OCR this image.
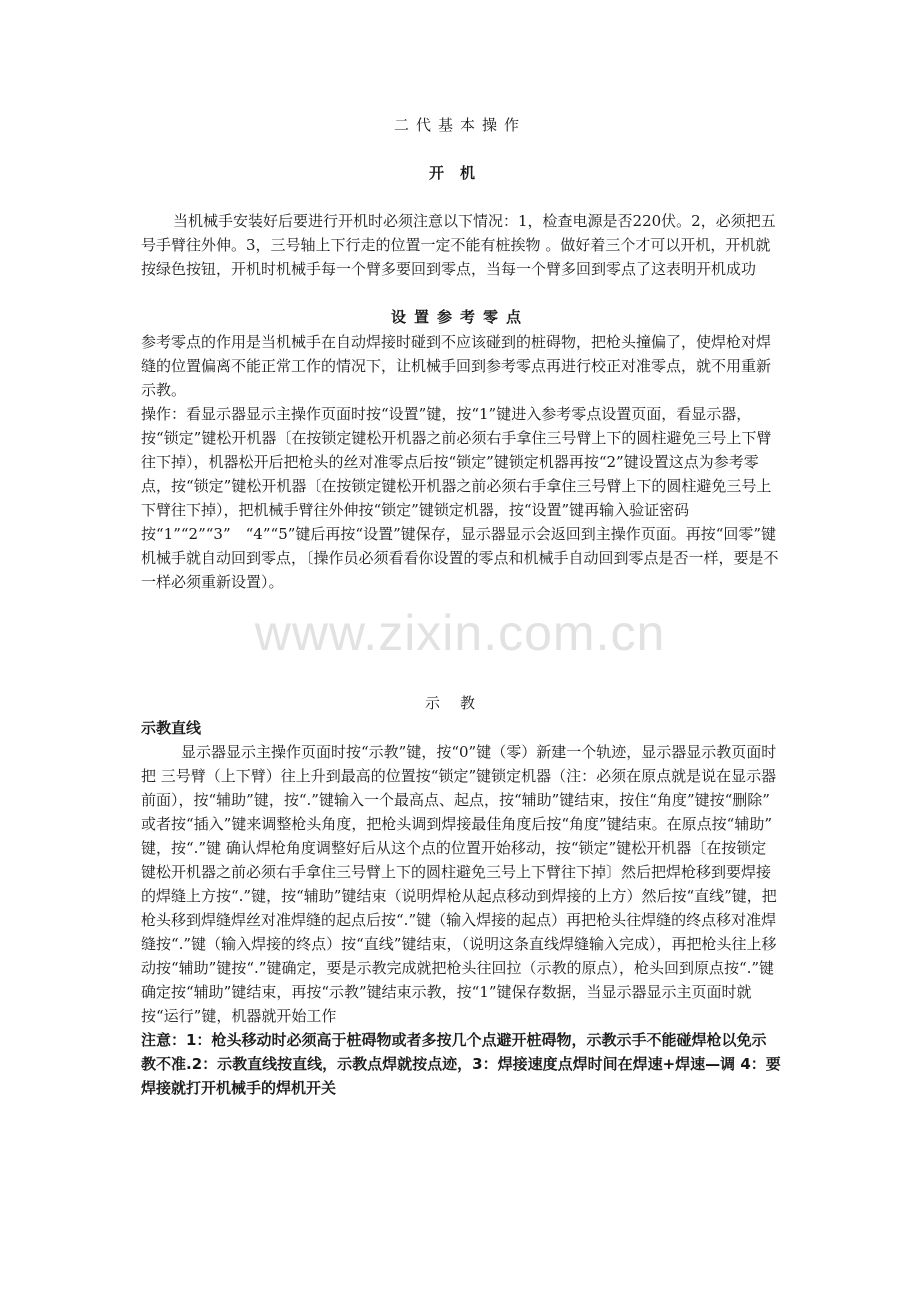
二代基本操作
开机

当机械手安装好后要进行开机时必须注意以下情况：1，检查电源是否220伏。2，必须把五号手臂往外伸。3，三号轴上下行走的位置一定不能有桩挨物 。做好着三个才可以开机，开机就按绿色按钮，开机时机械手每一个臂多要回到零点，当每一个臂多回到零点了这表明开机成功

设置参考零点

参考零点的作用是当机械手在自动焊接时碰到不应该碰到的桩碍物，把枪头撞偏了，使焊枪对焊缝的位置偏离不能正常工作的情况下，让机械手回到参考零点再进行校正对准零点，就不用重新示教。

操作：看显示器显示主操作页面时按“设置”键，按“1”键进入参考零点设置页面，看显示器，按“锁定”键松开机器〔在按锁定键松开机器之前必须右手拿住三号臂上下的圆柱避免三号上下臂往下掉），机器松开后把枪头的丝对准零点后按“锁定”键锁定机器再按“2”键设置这点为参考零点，按“锁定”键松开机器〔在按锁定键松开机器之前必须右手拿住三号臂上下的圆柱避免三号上下臂往下掉），把机械手臂往外伸按“锁定”键锁定机器，按“设置”键再输入验证密码按“1”“2”“3”　“4”“5”键后再按“设置”键保存，显示器显示会返回到主操作页面。再按“回零”键机械手就自动回到零点，〔操作员必须看看你设置的零点和机械手自动回到零点是否一样，要是不一样必须重新设置）。

www.zixin.com.cn
示教
示教直线

显示器显示主操作页面时按“示教”键，按“0”键（零）新建一个轨迹，显示器显示教页面时把 三号臂（上下臂）往上升到最高的位置按“锁定”键锁定机器（注：必须在原点就是说在显示器前面），按“辅助”键，按“.”键输入一个最高点、起点，按“辅助”键结束，按住“角度”键按“删除” 或者按“插入”键来调整枪头角度，把枪头调到焊接最佳角度后按“角度”键结束。在原点按“辅助” 键，按“.”键 确认焊枪角度调整好后从这个点的位置开始移动，按“锁定”键松开机器〔在按锁定键松开机器之前必须右手拿住三号臂上下的圆柱避免三号上下臂往下掉〕然后把焊枪移到要焊接的焊缝上方按“.”键，按“辅助”键结束（说明焊枪从起点移动到焊接的上方）然后按“直线”键，把枪头移到焊缝焊丝对准焊缝的起点后按“.”键（输入焊接的起点）再把枪头往焊缝的终点移对准焊缝按“.”键（输入焊接的终点）按“直线”键结束，（说明这条直线焊缝输入完成），再把枪头往上移动按“辅助”键按“.”键确定，要是示教完成就把枪头往回拉（示教的原点），枪头回到原点按“.”键确定按“辅助”键结束，再按“示教”键结束示教，按“1”键保存数据，当显示器显示主页面时就按“运行”键，机器就开始工作

注意：1：枪头移动时必须高于桩碍物或者多按几个点避开桩碍物，示教示手不能碰焊枪以免示教不准.2：示教直线按直线，示教点焊就按点迹，3：焊接速度点焊时间在焊速+焊速—调 4：要焊接就打开机械手的焊机开关
